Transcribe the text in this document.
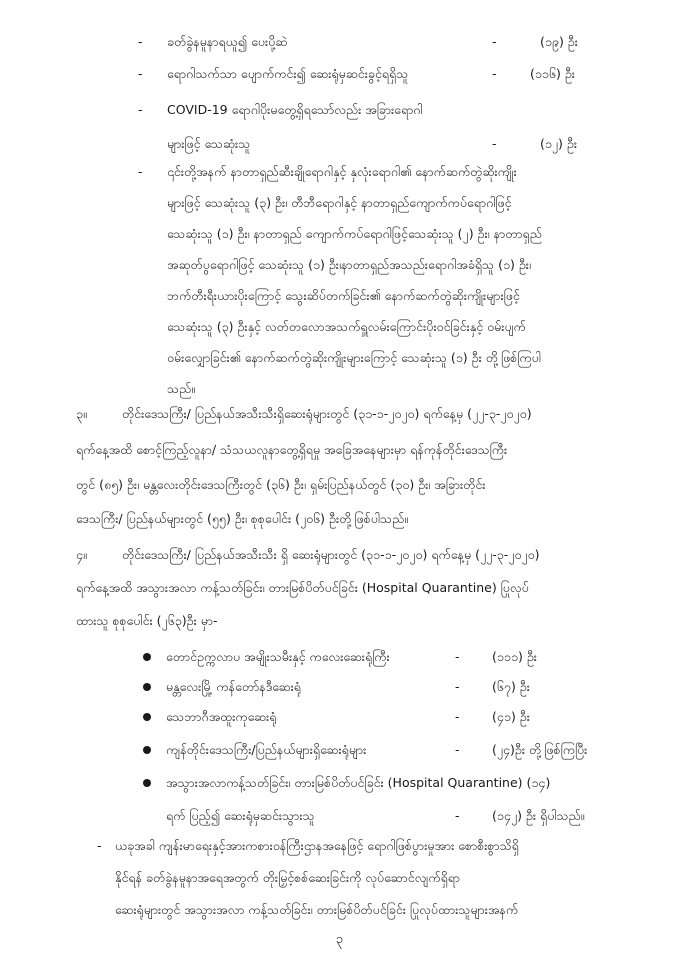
- ခတ်ခွဲနမူနာရယူ၍ ပေးပို့ဆဲ	-	(၁၉) ဦး
- ရောဂါသက်သာ ပျောက်ကင်း၍ ဆေးရုံမှဆင်းခွင့်ရရှိသူ	-	(၁၁၆) ဦး
- COVID-19 ရောဂါပိုးမတွေ့ရှိရသော်လည်း အခြားရောဂါ
များဖြင့် သေဆုံးသူ	-	(၁၂) ဦး
- ၎င်းတို့အနက် နာတာရှည်ဆီးချိုရောဂါနှင့် နှလုံးရောဂါ၏ နောက်ဆက်တွဲဆိုးကျိုး
များဖြင့် သေဆုံးသူ (၃) ဦး၊ တီဘီရောဂါနှင့် နာတာရှည်ကျောက်ကပ်ရောဂါဖြင့်
သေဆုံးသူ (၁) ဦး၊ နာတာရှည် ကျောက်ကပ်ရောဂါဖြင့်သေဆုံးသူ (၂) ဦး၊ နာတာရှည်
အဆုတ်ပွရောဂါဖြင့် သေဆုံးသူ (၁) ဦး၊နာတာရှည်အသည်းရောဂါအခံရှိသူ (၁) ဦး၊
ဘက်တီးရီးယားပိုးကြောင့် သွေးဆိပ်တက်ခြင်း၏ နောက်ဆက်တွဲဆိုးကျိုးများဖြင့်
သေဆုံးသူ (၃) ဦးနှင့် လတ်တလောအသက်ရှူလမ်းကြောင်းပိုးဝင်ခြင်းနှင့် ဝမ်းပျက်
ဝမ်းလျှောခြင်း၏ နောက်ဆက်တွဲဆိုးကျိုးများကြောင့် သေဆုံးသူ (၁) ဦး တို့ဖြစ်ကြပါ
သည်။
၃။	တိုင်းဒေသကြီး/ ပြည်နယ်အသီးသီးရှိဆေးရုံများတွင် (၃၁-၁-၂၀၂၀) ရက်နေ့မှ (၂၂-၃-၂၀၂၀)
ရက်နေ့အထိ စောင့်ကြည့်လူနာ/ သံသယလူနာတွေ့ရှိရမှု အခြေအနေများမှာ ရန်ကုန်တိုင်းဒေသကြီး
တွင် (၈၅) ဦး၊ မန္တလေးတိုင်းဒေသကြီးတွင် (၃၆) ဦး၊ ရှမ်းပြည်နယ်တွင် (၃၀) ဦး၊ အခြားတိုင်း
ဒေသကြီး/ ပြည်နယ်များတွင် (၅၅) ဦး၊ စုစုပေါင်း (၂၀၆) ဦးတို့ဖြစ်ပါသည်။
၄။	တိုင်းဒေသကြီး/ ပြည်နယ်အသီးသီး ရှိ ဆေးရုံများတွင် (၃၁-၁-၂၀၂၀) ရက်နေ့မှ (၂၂-၃-၂၀၂၀)
ရက်နေ့အထိ အသွားအလာ ကန့်သတ်ခြင်း၊ တားမြစ်ပိတ်ပင်ခြင်း (Hospital Quarantine) ပြုလုပ်
ထားသူ စုစုပေါင်း (၂၆၃)ဦး မှာ-
တောင်ဥက္ကလာပ အမျိုးသမီးနှင့် ကလေးဆေးရုံကြီး	-	(၁၁၁) ဦး
မန္တလေးမြို့ ကန်တော်နဒီဆေးရုံ	-	(၆၇) ဦး
သေဘာဂီအထူးကုဆေးရုံ	-	(၄၁) ဦး
ကျန်တိုင်းဒေသကြီး/ပြည်နယ်များရှိဆေးရုံများ	-	(၂၄)ဦး တို့ဖြစ်ကြပြီး
အသွားအလာကန့်သတ်ခြင်း၊ တားမြစ်ပိတ်ပင်ခြင်း (Hospital Quarantine) (၁၄)
ရက် ပြည့်၍ ဆေးရုံမှဆင်းသွားသူ	-	(၁၄၂) ဦး ရှိပါသည်။
- ယခုအခါ ကျန်းမာရေးနှင့်အားကစားဝန်ကြီးဌာနအနေဖြင့် ရောဂါဖြစ်ပွားမှုအား စောစီးစွာသိရှိ
နိုင်ရန် ခတ်ခွဲနမူနာအရေအတွက် တိုးမြှင့်စစ်ဆေးခြင်းကို လုပ်ဆောင်လျက်ရှိရာ
ဆေးရုံများတွင် အသွားအလာ ကန့်သတ်ခြင်း၊ တားမြစ်ပိတ်ပင်ခြင်း ပြုလုပ်ထားသူများအနက်
၃
